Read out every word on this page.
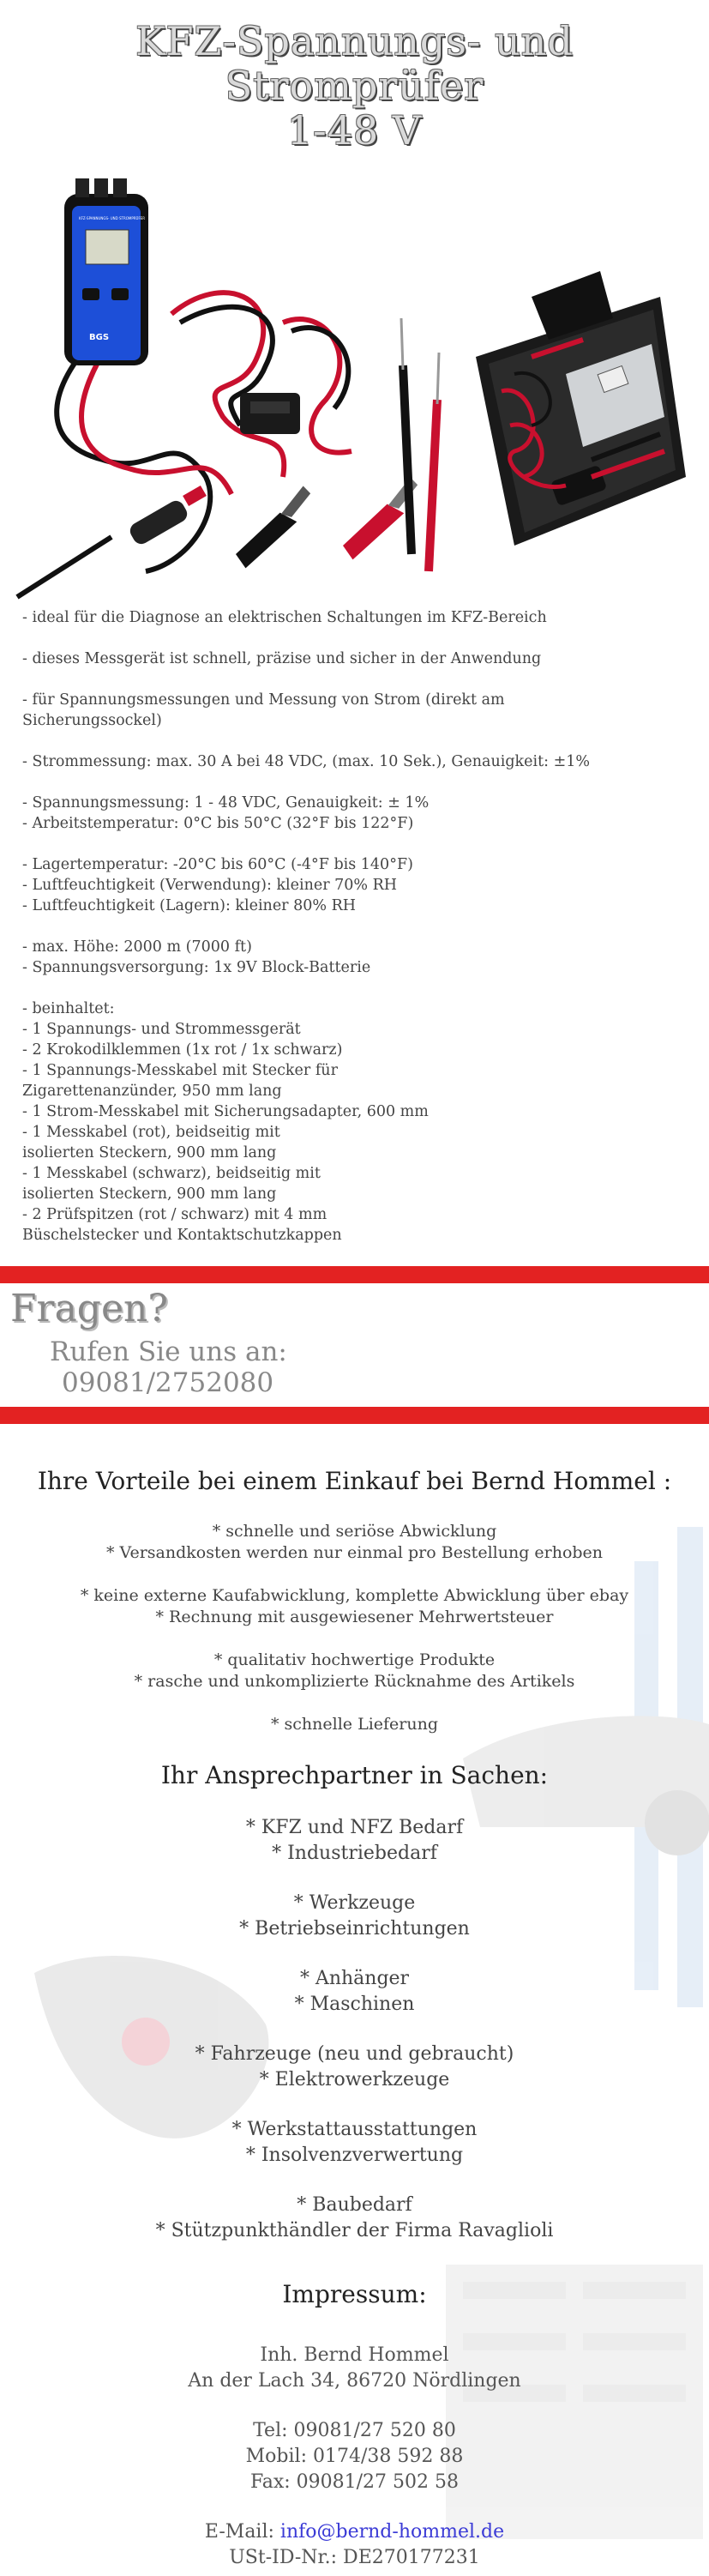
KFZ-Spannungs- und Stromprüfer
1-48 V
BGS
KFZ-SPANNUNGS- UND STROMPRÜFER

- ideal für die Diagnose an elektrischen Schaltungen im KFZ-Bereich

- dieses Messgerät ist schnell, präzise und sicher in der Anwendung

- für Spannungsmessungen und Messung von Strom (direkt am
Sicherungssockel)

- Strommessung: max. 30 A bei 48 VDC, (max. 10 Sek.), Genauigkeit: ±1%

- Spannungsmessung: 1 - 48 VDC, Genauigkeit: ± 1%
- Arbeitstemperatur: 0°C bis 50°C (32°F bis 122°F)

- Lagertemperatur: -20°C bis 60°C (-4°F bis 140°F)
- Luftfeuchtigkeit (Verwendung): kleiner 70% RH
- Luftfeuchtigkeit (Lagern): kleiner 80% RH

- max. Höhe: 2000 m (7000 ft)
- Spannungsversorgung: 1x 9V Block-Batterie

- beinhaltet:
- 1 Spannungs- und Strommessgerät
- 2 Krokodilklemmen (1x rot / 1x schwarz)
- 1 Spannungs-Messkabel mit Stecker für
Zigarettenanzünder, 950 mm lang
- 1 Strom-Messkabel mit Sicherungsadapter, 600 mm
- 1 Messkabel (rot), beidseitig mit
isolierten Steckern, 900 mm lang
- 1 Messkabel (schwarz), beidseitig mit
isolierten Steckern, 900 mm lang
- 2 Prüfspitzen (rot / schwarz) mit 4 mm
Büschelstecker und Kontaktschutzkappen

Fragen?
Rufen Sie uns an:
09081/2752080
Ihre Vorteile bei einem Einkauf bei Bernd Hommel :
* schnelle und seriöse Abwicklung
* Versandkosten werden nur einmal pro Bestellung erhoben
* keine externe Kaufabwicklung, komplette Abwicklung über ebay
* Rechnung mit ausgewiesener Mehrwertsteuer
* qualitativ hochwertige Produkte
* rasche und unkomplizierte Rücknahme des Artikels
* schnelle Lieferung
Ihr Ansprechpartner in Sachen:
* KFZ und NFZ Bedarf
* Industriebedarf
* Werkzeuge
* Betriebseinrichtungen
* Anhänger
* Maschinen
* Fahrzeuge (neu und gebraucht)
* Elektrowerkzeuge
* Werkstattausstattungen
* Insolvenzverwertung
* Baubedarf
* Stützpunkthändler der Firma Ravaglioli
Impressum:
Inh. Bernd Hommel
An der Lach 34, 86720 Nördlingen
Tel: 09081/27 520 80
Mobil: 0174/38 592 88
Fax: 09081/27 502 58
E-Mail: info@bernd-hommel.de
USt-ID-Nr.: DE270177231
